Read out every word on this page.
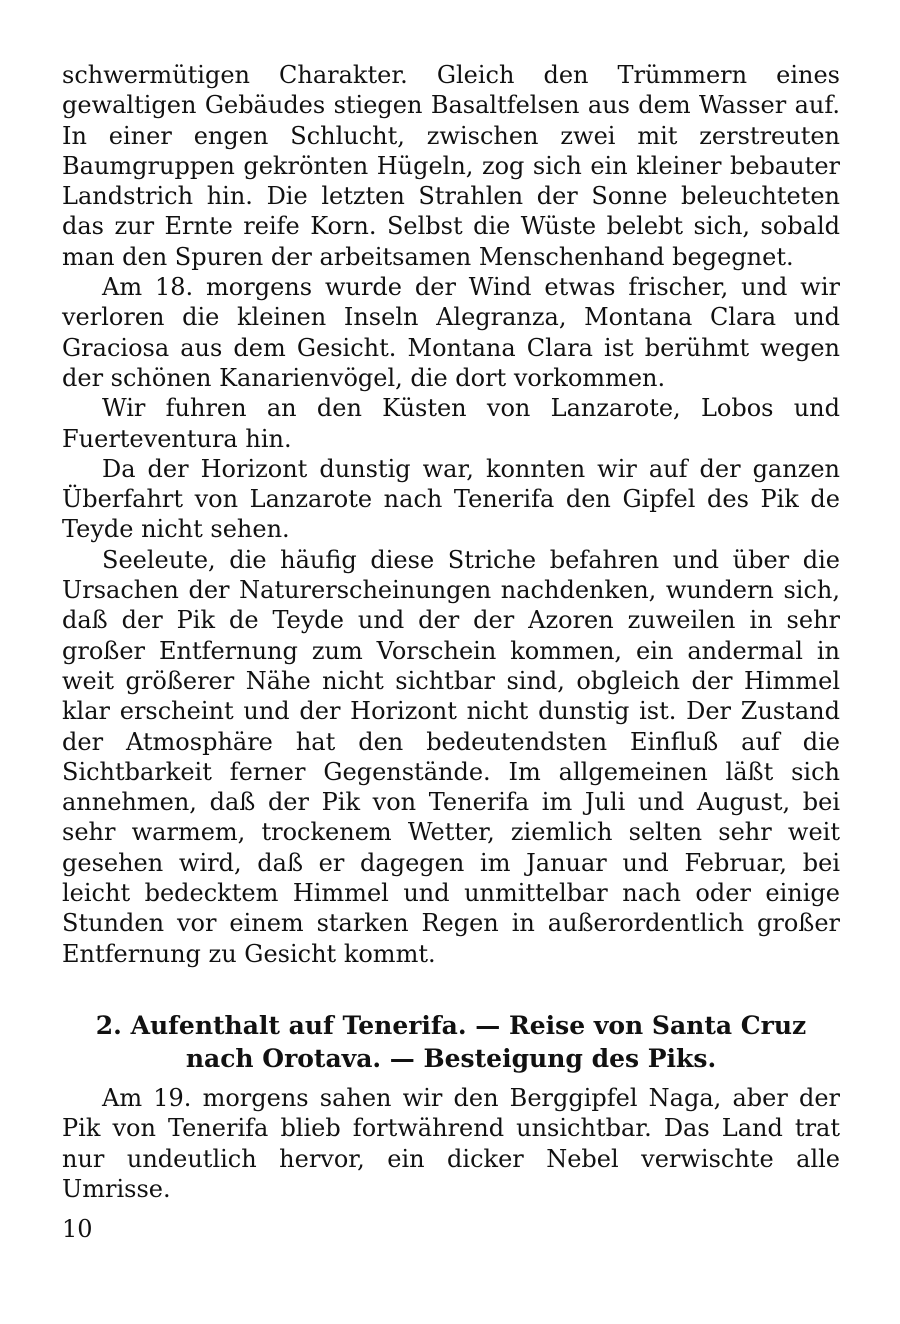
schwermütigen Charakter. Gleich den Trümmern eines gewaltigen Gebäudes stiegen Basaltfelsen aus dem Wasser auf. In einer engen Schlucht, zwischen zwei mit zerstreuten Baumgruppen gekrönten Hügeln, zog sich ein kleiner bebauter Landstrich hin. Die letzten Strahlen der Sonne beleuchteten das zur Ernte reife Korn. Selbst die Wüste belebt sich, sobald man den Spuren der arbeitsamen Menschenhand begegnet.

Am 18. morgens wurde der Wind etwas frischer, und wir verloren die kleinen Inseln Alegranza, Montana Clara und Graciosa aus dem Gesicht. Montana Clara ist berühmt wegen der schönen Kanarienvögel, die dort vorkommen.

Wir fuhren an den Küsten von Lanzarote, Lobos und Fuerteventura hin.

Da der Horizont dunstig war, konnten wir auf der ganzen Überfahrt von Lanzarote nach Tenerifa den Gipfel des Pik de Teyde nicht sehen.

Seeleute, die häufig diese Striche befahren und über die Ursachen der Naturerscheinungen nachdenken, wundern sich, daß der Pik de Teyde und der der Azoren zuweilen in sehr großer Entfernung zum Vorschein kommen, ein andermal in weit größerer Nähe nicht sichtbar sind, obgleich der Himmel klar erscheint und der Horizont nicht dunstig ist. Der Zustand der Atmosphäre hat den bedeutendsten Einfluß auf die Sichtbarkeit ferner Gegenstände. Im allgemeinen läßt sich annehmen, daß der Pik von Tenerifa im Juli und August, bei sehr warmem, trockenem Wetter, ziemlich selten sehr weit gesehen wird, daß er dagegen im Januar und Februar, bei leicht bedecktem Himmel und unmittelbar nach oder einige Stunden vor einem starken Regen in außerordentlich großer Entfernung zu Gesicht kommt.

2. Aufenthalt auf Tenerifa. — Reise von Santa Cruz nach Orotava. — Besteigung des Piks.

Am 19. morgens sahen wir den Berggipfel Naga, aber der Pik von Tenerifa blieb fortwährend unsichtbar. Das Land trat nur undeutlich hervor, ein dicker Nebel verwischte alle Umrisse.

10
